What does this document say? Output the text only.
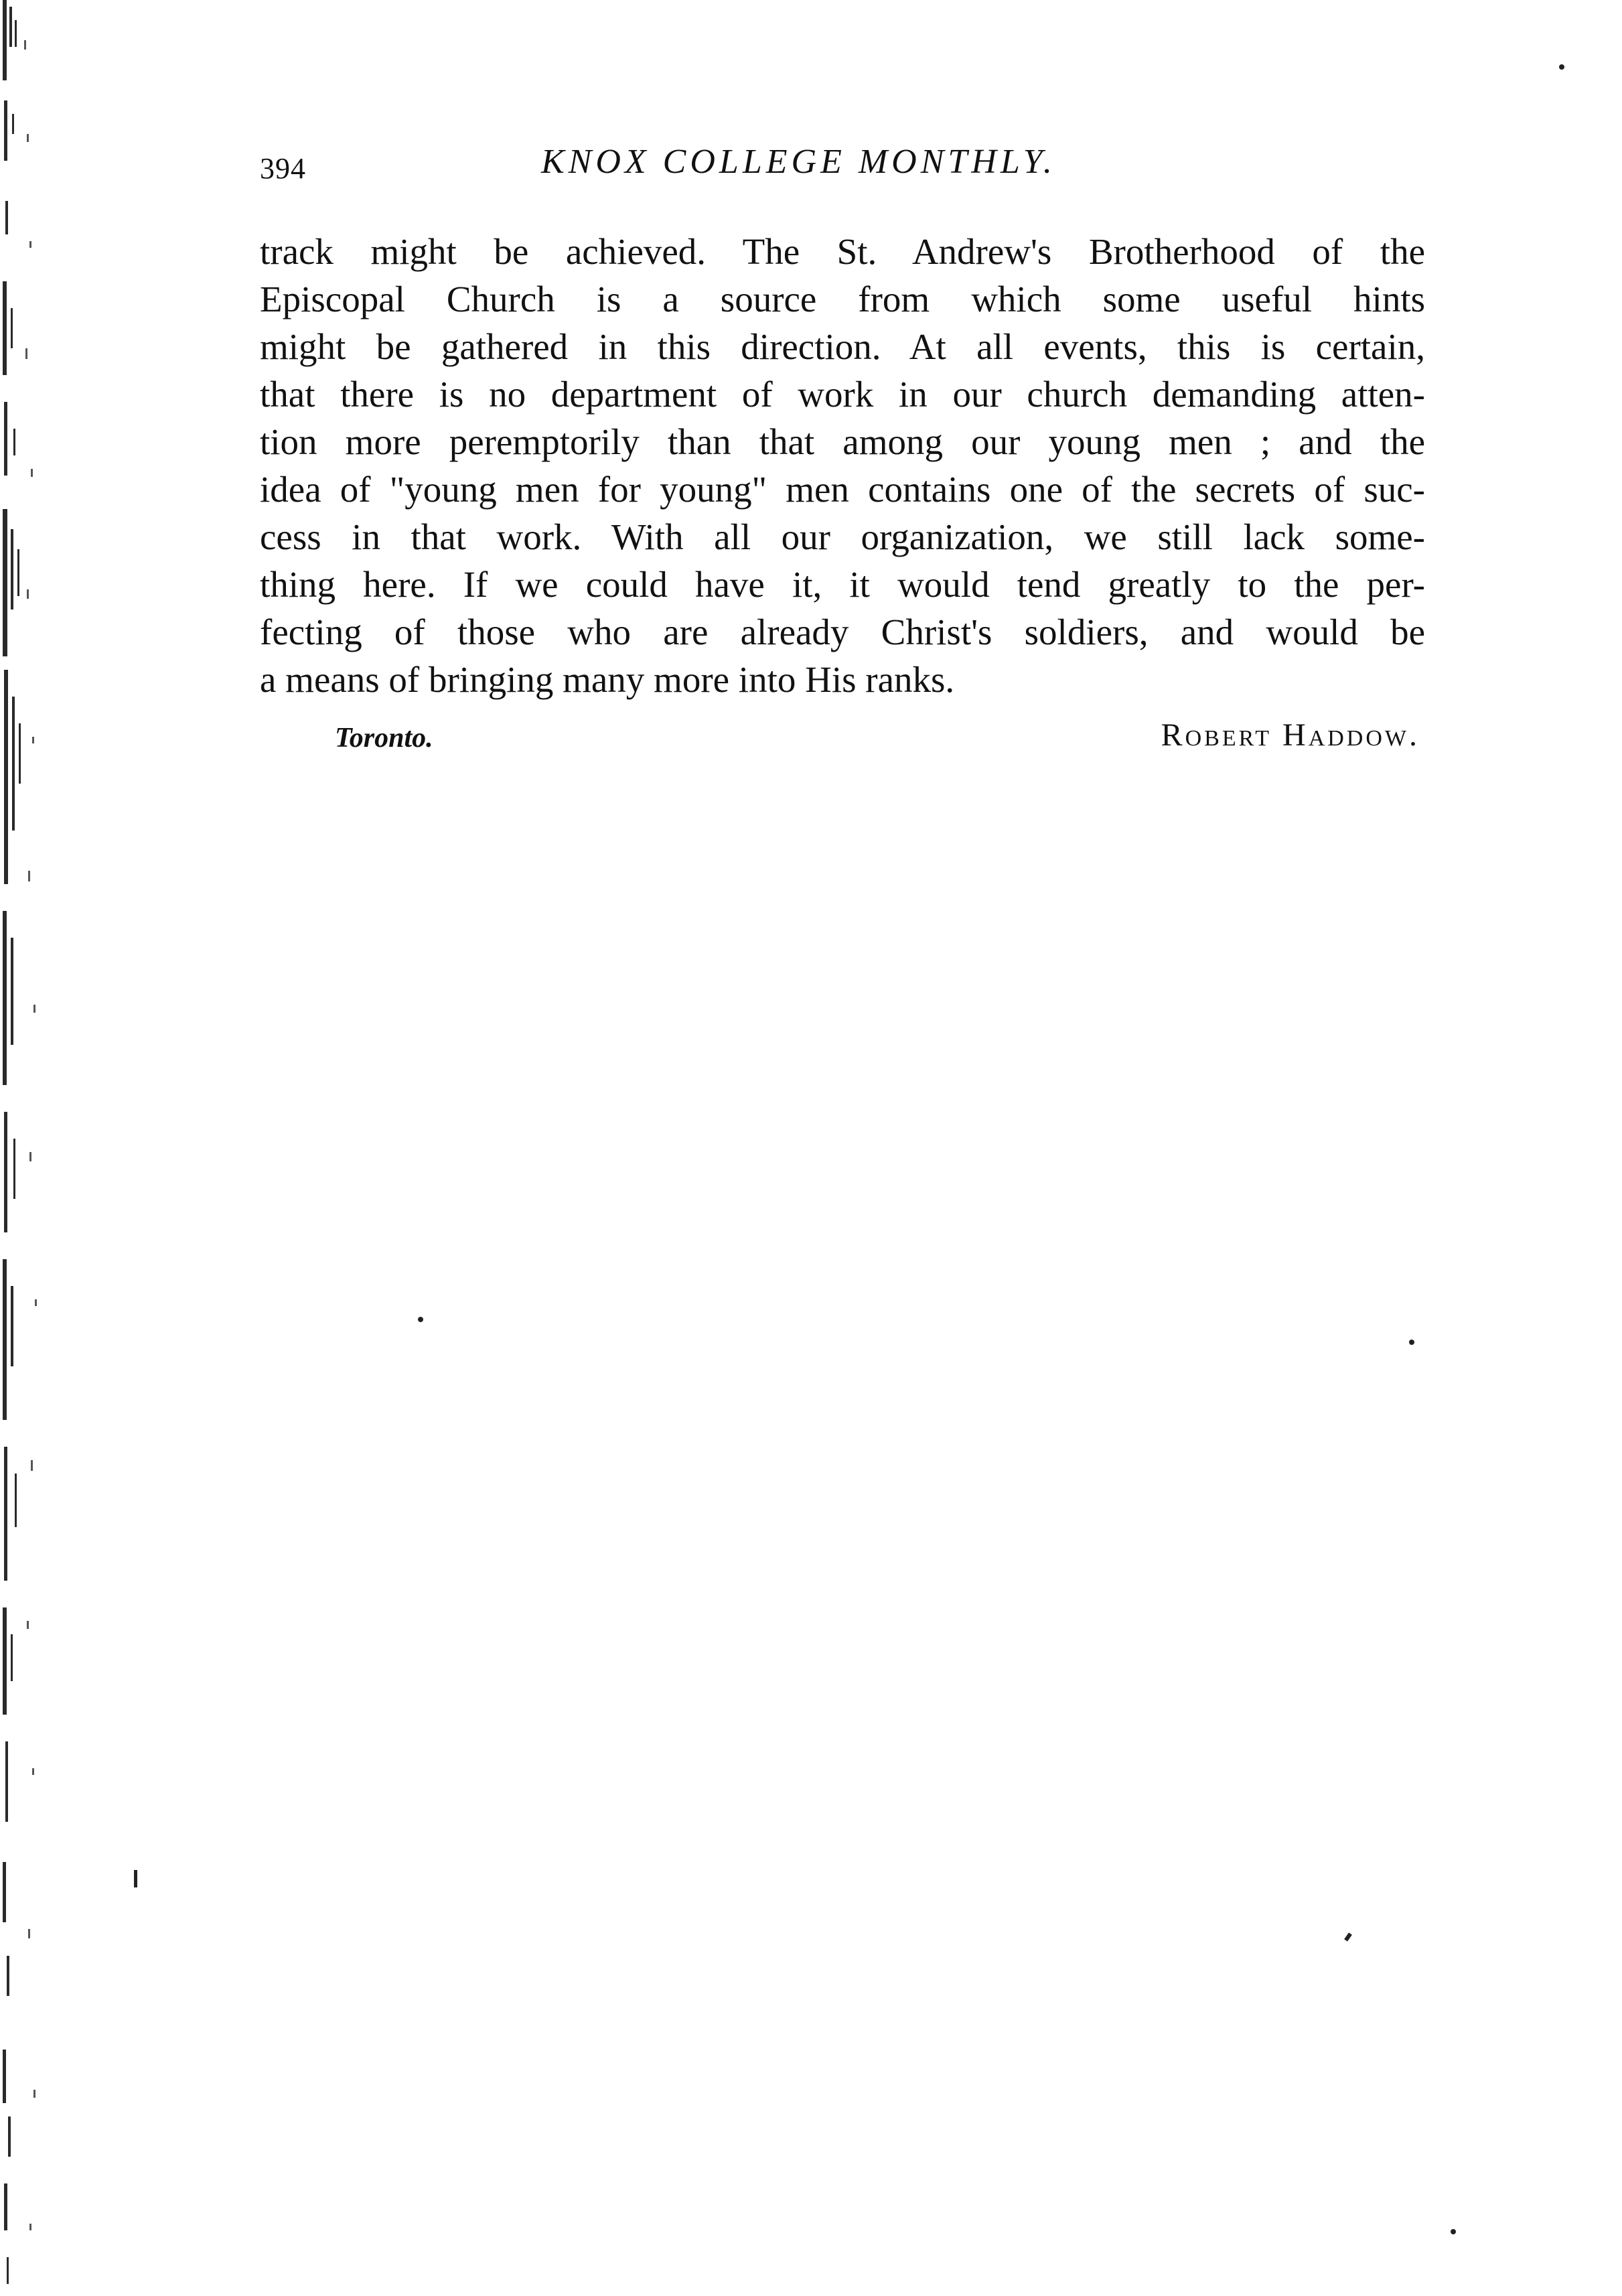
394	KNOX COLLEGE MONTHLY.
track might be achieved. The St. Andrew's Brotherhood of the
Episcopal Church is a source from which some useful hints
might be gathered in this direction. At all events, this is certain,
that there is no department of work in our church demanding atten-
tion more peremptorily than that among our young men ; and the
idea of "young men for young" men contains one of the secrets of suc-
cess in that work. With all our organization, we still lack some-
thing here. If we could have it, it would tend greatly to the per-
fecting of those who are already Christ's soldiers, and would be
a means of bringing many more into His ranks.
Toronto.	Robert Haddow.
